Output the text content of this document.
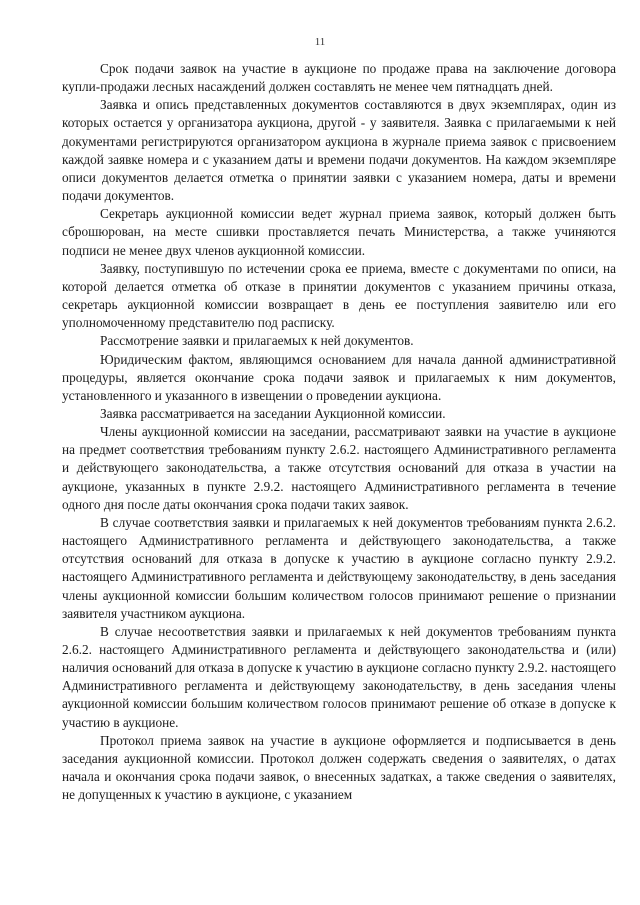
11

Срок подачи заявок на участие в аукционе по продаже права на заключение договора купли-продажи лесных насаждений должен составлять не менее чем пятнадцать дней.

Заявка и опись представленных документов составляются в двух экземплярах, один из которых остается у организатора аукциона, другой - у заявителя. Заявка с прилагаемыми к ней документами регистрируются организатором аукциона в журнале приема заявок с присвоением каждой заявке номера и с указанием даты и времени подачи документов. На каждом экземпляре описи документов делается отметка о принятии заявки с указанием номера, даты и времени подачи документов.

Секретарь аукционной комиссии ведет журнал приема заявок, который должен быть сброшюрован, на месте сшивки проставляется печать Министерства, а также учиняются подписи не менее двух членов аукционной комиссии.

Заявку, поступившую по истечении срока ее приема, вместе с документами по описи, на которой делается отметка об отказе в принятии документов с указанием причины отказа, секретарь аукционной комиссии возвращает в день ее поступления заявителю или его уполномоченному представителю под расписку.

Рассмотрение заявки и прилагаемых к ней документов.

Юридическим фактом, являющимся основанием для начала данной административной процедуры, является окончание срока подачи заявок и прилагаемых к ним документов, установленного и указанного в извещении о проведении аукциона.

Заявка рассматривается на заседании Аукционной комиссии.

Члены аукционной комиссии на заседании, рассматривают заявки на участие в аукционе на предмет соответствия требованиям пункту 2.6.2. настоящего Административного регламента и действующего законодательства, а также отсутствия оснований для отказа в участии на аукционе, указанных в пункте 2.9.2. настоящего Административного регламента в течение одного дня после даты окончания срока подачи таких заявок.

В случае соответствия заявки и прилагаемых к ней документов требованиям пункта 2.6.2. настоящего Административного регламента и действующего законодательства, а также отсутствия оснований для отказа в допуске к участию в аукционе согласно пункту 2.9.2. настоящего Административного регламента и действующему законодательству, в день заседания члены аукционной комиссии большим количеством голосов принимают решение о признании заявителя участником аукциона.

В случае несоответствия заявки и прилагаемых к ней документов требованиям пункта 2.6.2. настоящего Административного регламента и действующего законодательства и (или) наличия оснований для отказа в допуске к участию в аукционе согласно пункту 2.9.2. настоящего Административного регламента и действующему законодательству, в день заседания члены аукционной комиссии большим количеством голосов принимают решение об отказе в допуске к участию в аукционе.

Протокол приема заявок на участие в аукционе оформляется и подписывается в день заседания аукционной комиссии. Протокол должен содержать сведения о заявителях, о датах начала и окончания срока подачи заявок, о внесенных задатках, а также сведения о заявителях, не допущенных к участию в аукционе, с указанием
